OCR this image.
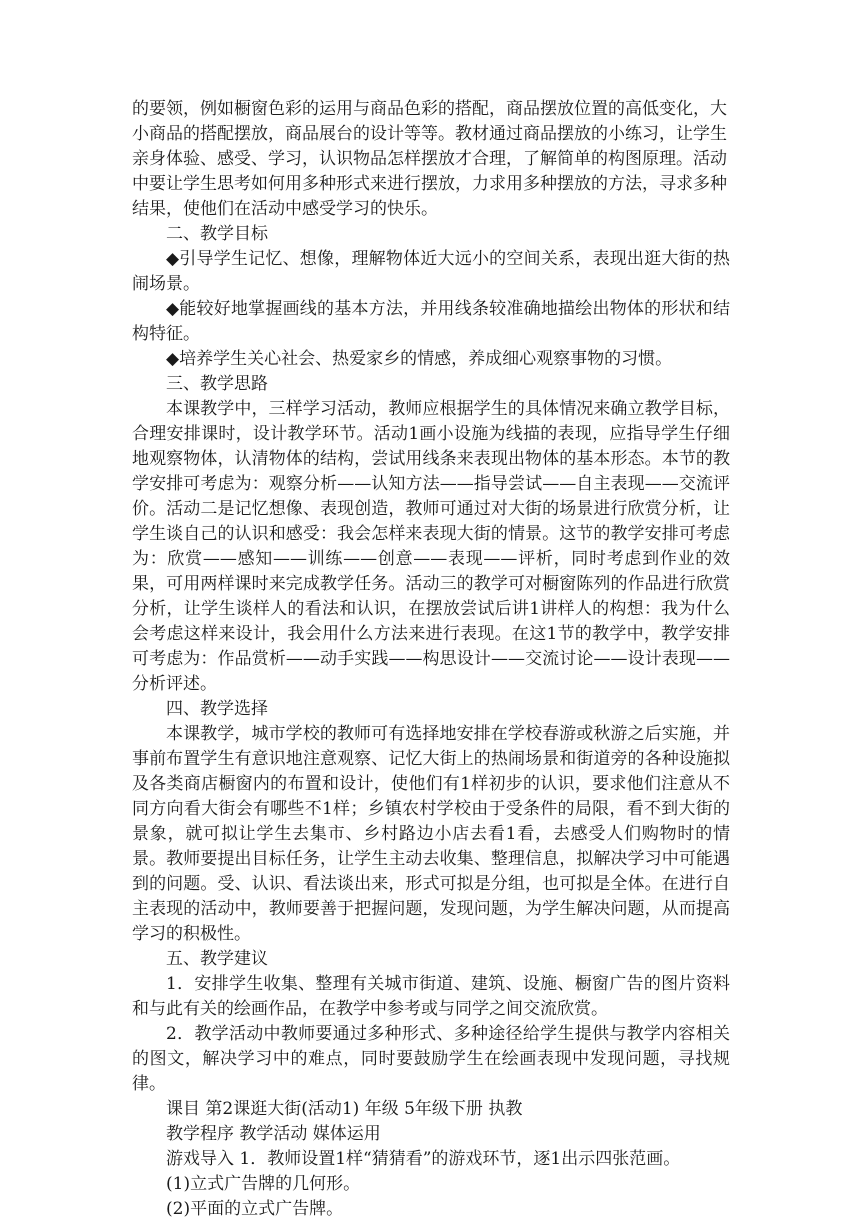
的要领，例如橱窗色彩的运用与商品色彩的搭配，商品摆放位置的高低变化，大小商品的搭配摆放，商品展台的设计等等。教材通过商品摆放的小练习，让学生亲身体验、感受、学习，认识物品怎样摆放才合理，了解简单的构图原理。活动中要让学生思考如何用多种形式来进行摆放，力求用多种摆放的方法，寻求多种结果，使他们在活动中感受学习的快乐。

二、教学目标

◆引导学生记忆、想像，理解物体近大远小的空间关系，表现出逛大街的热闹场景。

◆能较好地掌握画线的基本方法，并用线条较准确地描绘出物体的形状和结构特征。

◆培养学生关心社会、热爱家乡的情感，养成细心观察事物的习惯。

三、教学思路

本课教学中，三样学习活动，教师应根据学生的具体情况来确立教学目标，合理安排课时，设计教学环节。活动1画小设施为线描的表现，应指导学生仔细地观察物体，认清物体的结构，尝试用线条来表现出物体的基本形态。本节的教学安排可考虑为：观察分析——认知方法——指导尝试——自主表现——交流评价。活动二是记忆想像、表现创造，教师可通过对大街的场景进行欣赏分析，让学生谈自己的认识和感受：我会怎样来表现大街的情景。这节的教学安排可考虑为：欣赏——感知——训练——创意——表现——评析，同时考虑到作业的效果，可用两样课时来完成教学任务。活动三的教学可对橱窗陈列的作品进行欣赏分析，让学生谈样人的看法和认识，在摆放尝试后讲1讲样人的构想：我为什么会考虑这样来设计，我会用什么方法来进行表现。在这1节的教学中，教学安排可考虑为：作品赏析——动手实践——构思设计——交流讨论——设计表现——分析评述。

四、教学选择

本课教学，城市学校的教师可有选择地安排在学校春游或秋游之后实施，并事前布置学生有意识地注意观察、记忆大街上的热闹场景和街道旁的各种设施拟及各类商店橱窗内的布置和设计，使他们有1样初步的认识，要求他们注意从不同方向看大街会有哪些不1样；乡镇农村学校由于受条件的局限，看不到大街的景象，就可拟让学生去集市、乡村路边小店去看1看，去感受人们购物时的情景。教师要提出目标任务，让学生主动去收集、整理信息，拟解决学习中可能遇到的问题。受、认识、看法谈出来，形式可拟是分组，也可拟是全体。在进行自主表现的活动中，教师要善于把握问题，发现问题，为学生解决问题，从而提高学习的积极性。

五、教学建议

1．安排学生收集、整理有关城市街道、建筑、设施、橱窗广告的图片资料和与此有关的绘画作品，在教学中参考或与同学之间交流欣赏。

2．教学活动中教师要通过多种形式、多种途径给学生提供与教学内容相关的图文，解决学习中的难点，同时要鼓励学生在绘画表现中发现问题，寻找规律。

课目 第2课逛大街(活动1) 年级 5年级下册 执教

教学程序 教学活动 媒体运用

游戏导入 1．教师设置1样“猜猜看”的游戏环节，逐1出示四张范画。

(1)立式广告牌的几何形。

(2)平面的立式广告牌。
